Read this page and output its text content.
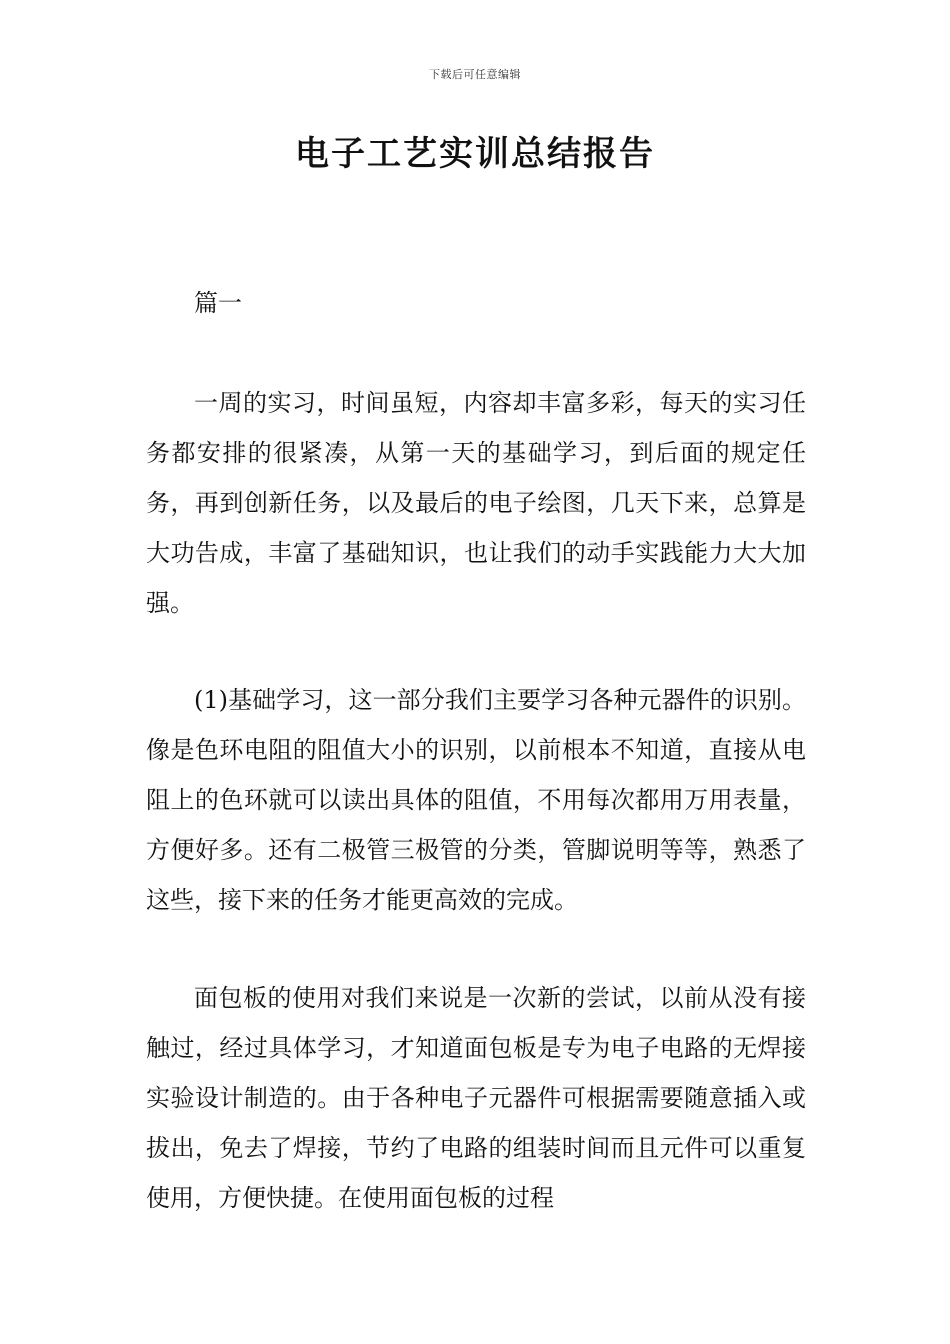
下载后可任意编辑
电子工艺实训总结报告

篇一

一周的实习，时间虽短，内容却丰富多彩，每天的实习任务都安排的很紧凑，从第一天的基础学习，到后面的规定任务，再到创新任务，以及最后的电子绘图，几天下来，总算是大功告成，丰富了基础知识，也让我们的动手实践能力大大加强。

(1)基础学习，这一部分我们主要学习各种元器件的识别。像是色环电阻的阻值大小的识别，以前根本不知道，直接从电阻上的色环就可以读出具体的阻值，不用每次都用万用表量，方便好多。还有二极管三极管的分类，管脚说明等等，熟悉了这些，接下来的任务才能更高效的完成。

面包板的使用对我们来说是一次新的尝试，以前从没有接触过，经过具体学习，才知道面包板是专为电子电路的无焊接实验设计制造的。由于各种电子元器件可根据需要随意插入或拔出，免去了焊接，节约了电路的组装时间而且元件可以重复使用，方便快捷。在使用面包板的过程
